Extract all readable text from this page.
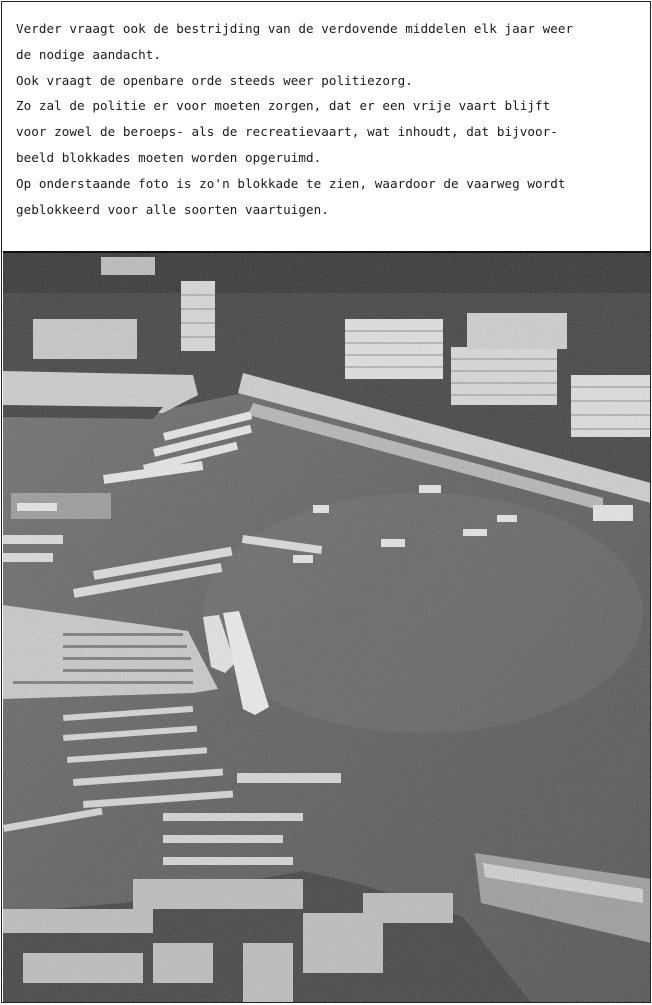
Verder vraagt ook de bestrijding van de verdovende middelen elk jaar weer
de nodige aandacht.
Ook vraagt de openbare orde steeds weer politiezorg.
Zo zal de politie er voor moeten zorgen, dat er een vrije vaart blijft
voor zowel de beroeps- als de recreatievaart, wat inhoudt, dat bijvoor-
beeld blokkades moeten worden opgeruimd.
Op onderstaande foto is zo'n blokkade te zien, waardoor de vaarweg wordt
geblokkeerd voor alle soorten vaartuigen.
